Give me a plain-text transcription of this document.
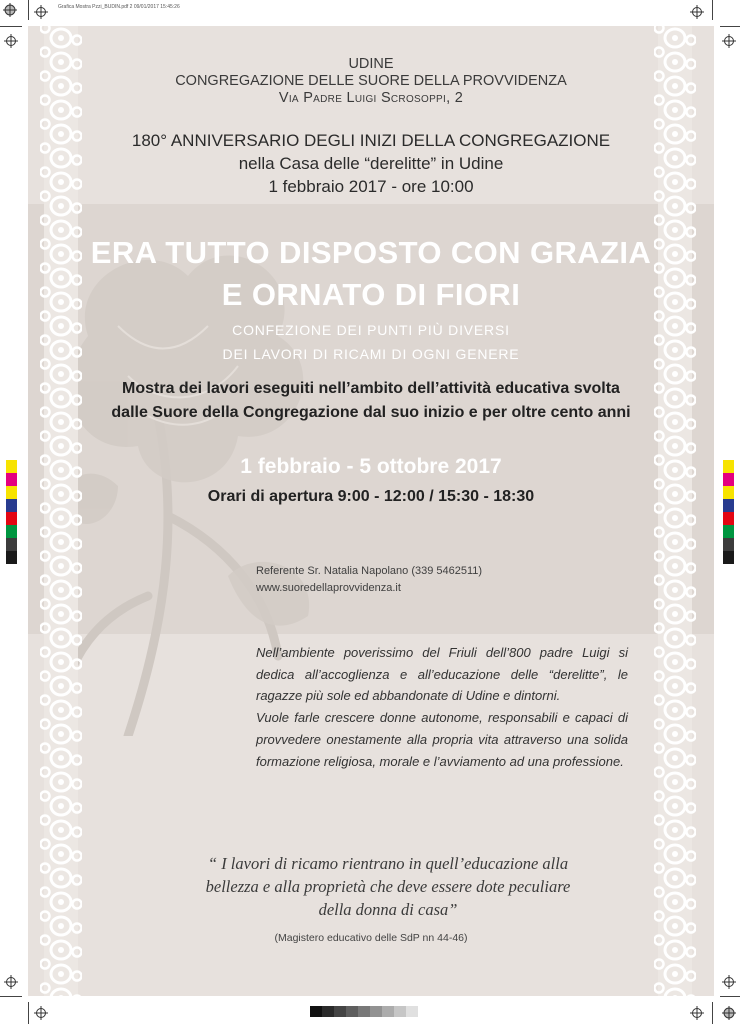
Grafica Mostra Pzzi_BUDIN.pdf 2 09/01/2017 15:45:26
UDINE
CONGREGAZIONE DELLE SUORE DELLA PROVVIDENZA
Via Padre Luigi Scrosoppi, 2
180° ANNIVERSARIO DEGLI INIZI DELLA CONGREGAZIONE
nella Casa delle “derelitte” in Udine
1 febbraio 2017 - ore 10:00
ERA TUTTO DISPOSTO CON GRAZIA
E ORNATO DI FIORI
CONFEZIONE DEI PUNTI PIÙ DIVERSI
DEI LAVORI DI RICAMI DI OGNI GENERE
Mostra dei lavori eseguiti nell’ambito dell’attività educativa svolta
dalle Suore della Congregazione dal suo inizio e per oltre cento anni
1 febbraio - 5 ottobre 2017
Orari di apertura 9:00 - 12:00 / 15:30 - 18:30
Referente Sr. Natalia Napolano (339 5462511)
www.suoredellaprovvidenza.it
Nell’ambiente poverissimo del Friuli dell’800 padre Luigi si dedica all’accoglienza e all’educazione delle “derelitte”, le ragazze più sole ed abbandonate di Udine e dintorni.
Vuole farle crescere donne autonome, responsabili e capaci di provvedere onestamente alla propria vita attraverso una solida formazione religiosa, morale e l’avviamento ad una professione.
“ I lavori di ricamo rientrano in quell’educazione alla
bellezza e alla proprietà che deve essere dote peculiare
della donna di casa”
(Magistero educativo delle SdP nn 44-46)
